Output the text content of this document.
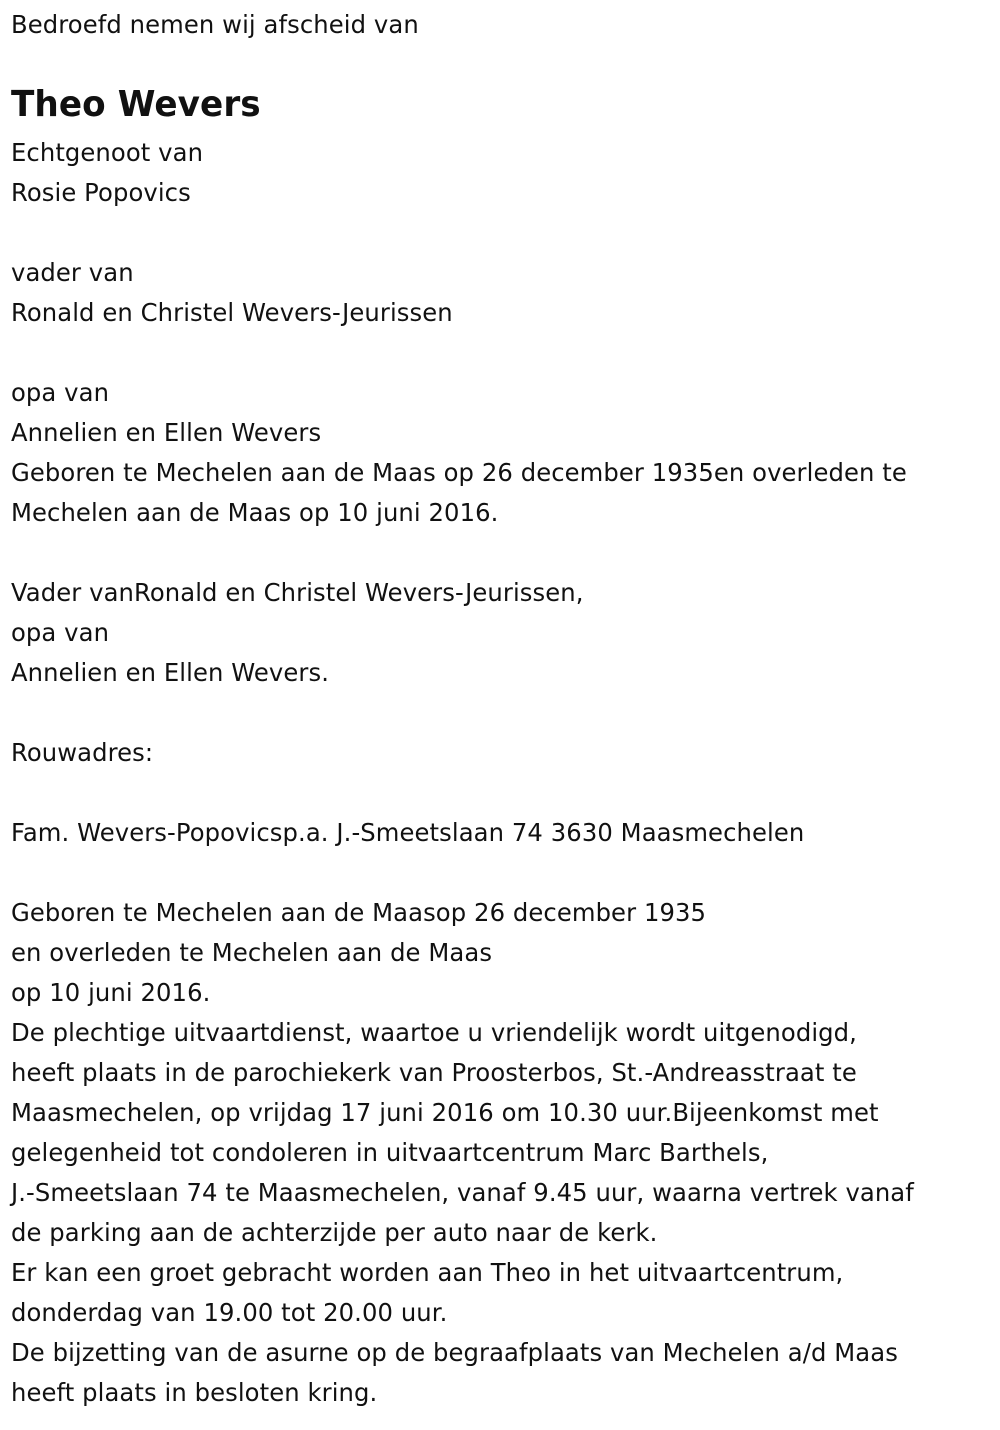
Bedroefd nemen wij afscheid van
Theo Wevers
Echtgenoot van
Rosie Popovics
vader van
Ronald en Christel Wevers-Jeurissen
opa van
Annelien en Ellen Wevers
Geboren te Mechelen aan de Maas op 26 december 1935en overleden te
Mechelen aan de Maas op 10 juni 2016.
Vader vanRonald en Christel Wevers-Jeurissen,
opa van
Annelien en Ellen Wevers.
Rouwadres:
Fam. Wevers-Popovicsp.a. J.-Smeetslaan 74 3630 Maasmechelen
Geboren te Mechelen aan de Maasop 26 december 1935
en overleden te Mechelen aan de Maas
op 10 juni 2016.
De plechtige uitvaartdienst, waartoe u vriendelijk wordt uitgenodigd,
heeft plaats in de parochiekerk van Proosterbos, St.-Andreasstraat te
Maasmechelen, op vrijdag 17 juni 2016 om 10.30 uur.Bijeenkomst met
gelegenheid tot condoleren in uitvaartcentrum Marc Barthels,
J.-Smeetslaan 74 te Maasmechelen, vanaf 9.45 uur, waarna vertrek vanaf
de parking aan de achterzijde per auto naar de kerk.
Er kan een groet gebracht worden aan Theo in het uitvaartcentrum,
donderdag van 19.00 tot 20.00 uur.
De bijzetting van de asurne op de begraafplaats van Mechelen a/d Maas
heeft plaats in besloten kring.
